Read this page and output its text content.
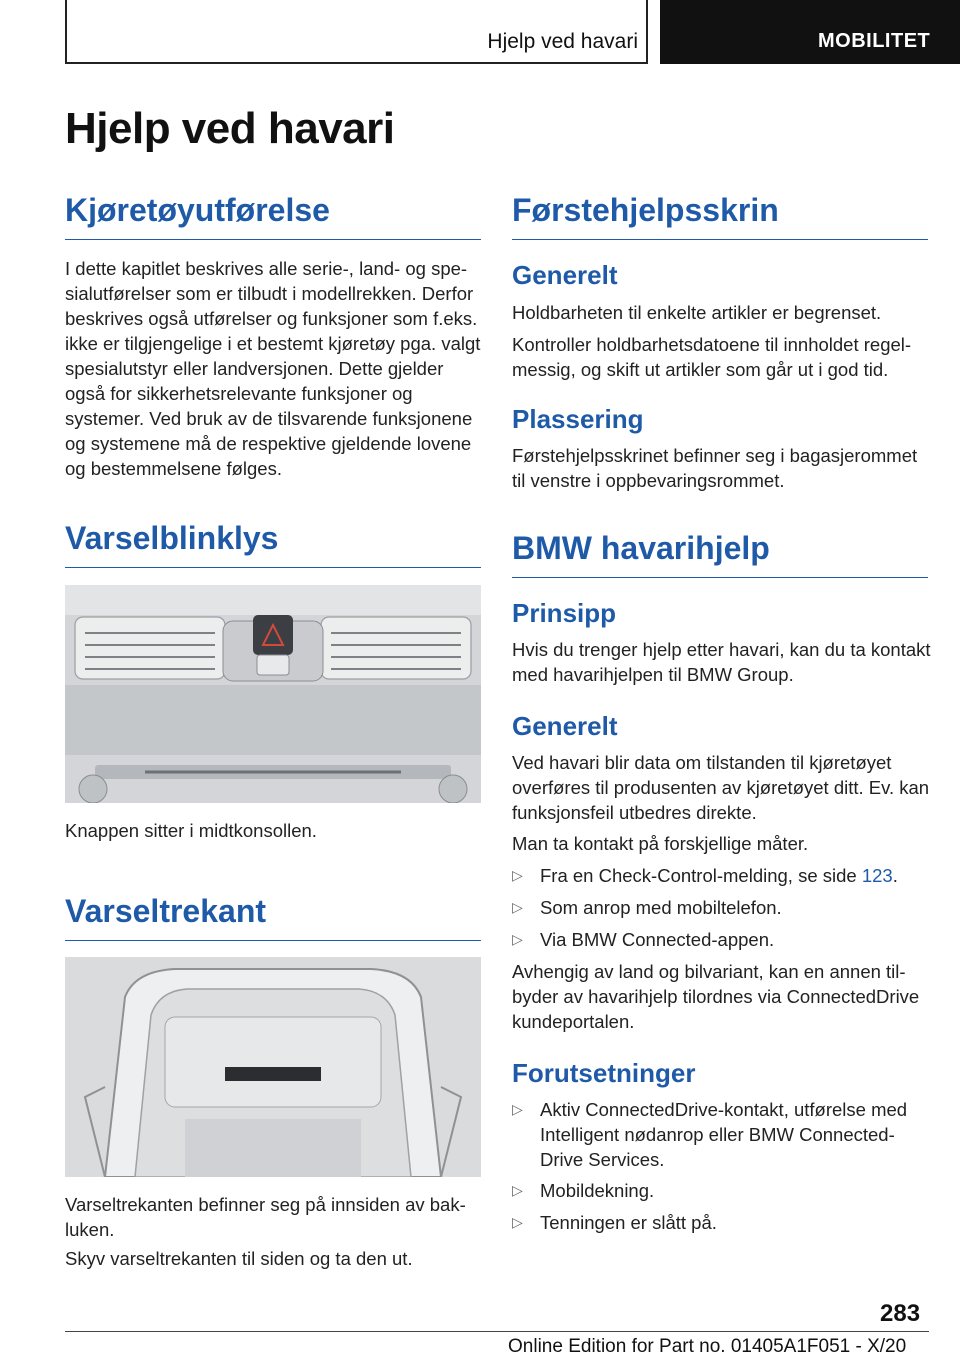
Hjelp ved havari	MOBILITET
Hjelp ved havari
Kjøretøyutførelse

I dette kapitlet beskrives alle serie-, land- og spesialutførelser som er tilbudt i modellrekken. Derfor beskrives også utførelser og funksjoner som f.eks. ikke er tilgjengelige i et bestemt kjøretøy pga. valgt spesialutstyr eller landversjonen. Dette gjelder også for sikkerhetsrelevante funksjoner og systemer. Ved bruk av de tilsvarende funksjonene og systemene må de respektive gjeldende lovene og bestemmelsene følges.

Varselblinklys

Knappen sitter i midtkonsollen.

Varseltrekant

Varseltrekanten befinner seg på innsiden av bakluken.

Skyv varseltrekanten til siden og ta den ut.

Førstehjelpsskrin
Generelt

Holdbarheten til enkelte artikler er begrenset.

Kontroller holdbarhetsdatoene til innholdet regelmessig, og skift ut artikler som går ut i god tid.

Plassering

Førstehjelpsskrinet befinner seg i bagasjerommet til venstre i oppbevaringsrommet.

BMW havarihjelp
Prinsipp

Hvis du trenger hjelp etter havari, kan du ta kontakt med havarihjelpen til BMW Group.

Generelt

Ved havari blir data om tilstanden til kjøretøyet overføres til produsenten av kjøretøyet ditt. Ev. kan funksjonsfeil utbedres direkte.

Man ta kontakt på forskjellige måter.

▷ Fra en Check-Control-melding, se side 123.
▷ Som anrop med mobiltelefon.
▷ Via BMW Connected-appen.

Avhengig av land og bilvariant, kan en annen tilbyder av havarihjelp tilordnes via ConnectedDrive kundeportalen.

Forutsetninger
▷ Aktiv ConnectedDrive-kontakt, utførelse med Intelligent nødanrop eller BMW ConnectedDrive Services.
▷ Mobildekning.
▷ Tenningen er slått på.
283
Online Edition for Part no. 01405A1F051 - X/20
